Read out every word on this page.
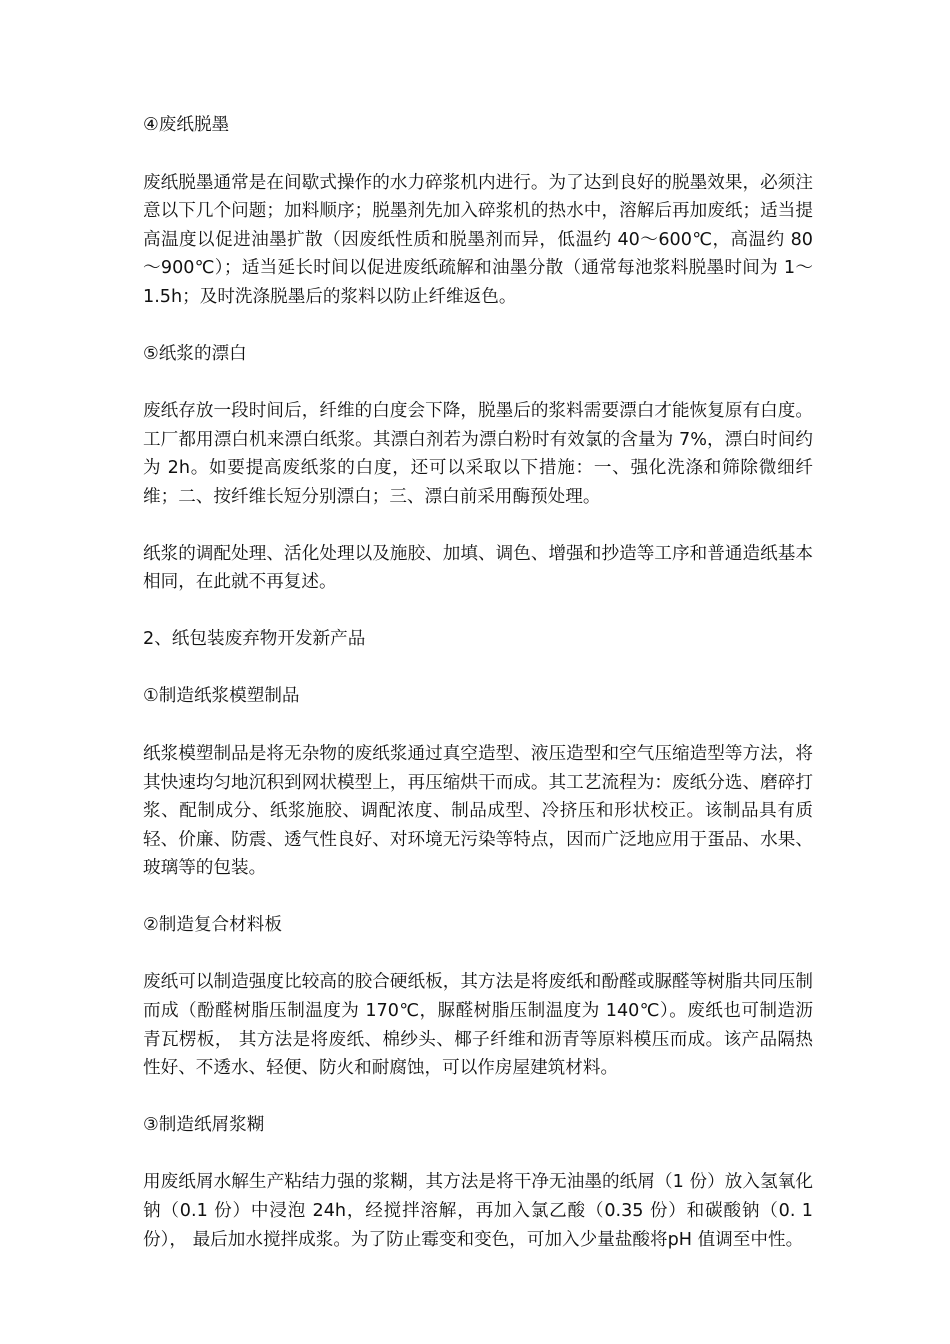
④废纸脱墨

废纸脱墨通常是在间歇式操作的水力碎浆机内进行。为了达到良好的脱墨效果，必须注意以下几个问题；加料顺序；脱墨剂先加入碎浆机的热水中，溶解后再加废纸；适当提高温度以促进油墨扩散（因废纸性质和脱墨剂而异，低温约 40～600℃，高温约 80～900℃）；适当延长时间以促进废纸疏解和油墨分散（通常每池浆料脱墨时间为 1～1.5h；及时洗涤脱墨后的浆料以防止纤维返色。

⑤纸浆的漂白

废纸存放一段时间后，纤维的白度会下降，脱墨后的浆料需要漂白才能恢复原有白度。工厂都用漂白机来漂白纸浆。其漂白剂若为漂白粉时有效氯的含量为 7%，漂白时间约为 2h。如要提高废纸浆的白度，还可以采取以下措施：一、强化洗涤和筛除微细纤维；二、按纤维长短分别漂白；三、漂白前采用酶预处理。

纸浆的调配处理、活化处理以及施胶、加填、调色、增强和抄造等工序和普通造纸基本相同，在此就不再复述。

2、纸包装废弃物开发新产品

①制造纸浆模塑制品

纸浆模塑制品是将无杂物的废纸浆通过真空造型、液压造型和空气压缩造型等方法，将其快速均匀地沉积到网状模型上，再压缩烘干而成。其工艺流程为：废纸分选、磨碎打浆、配制成分、纸浆施胶、调配浓度、制品成型、冷挤压和形状校正。该制品具有质轻、价廉、防震、透气性良好、对环境无污染等特点，因而广泛地应用于蛋品、水果、玻璃等的包装。

②制造复合材料板

废纸可以制造强度比较高的胶合硬纸板，其方法是将废纸和酚醛或脲醛等树脂共同压制而成（酚醛树脂压制温度为 170℃，脲醛树脂压制温度为 140℃）。废纸也可制造沥青瓦楞板， 其方法是将废纸、棉纱头、椰子纤维和沥青等原料模压而成。该产品隔热性好、不透水、轻便、防火和耐腐蚀，可以作房屋建筑材料。

③制造纸屑浆糊

用废纸屑水解生产粘结力强的浆糊，其方法是将干净无油墨的纸屑（1 份）放入氢氧化钠（0.1 份）中浸泡 24h，经搅拌溶解，再加入氯乙酸（0.35 份）和碳酸钠（0. 1 份）， 最后加水搅拌成浆。为了防止霉变和变色，可加入少量盐酸将pH 值调至中性。
